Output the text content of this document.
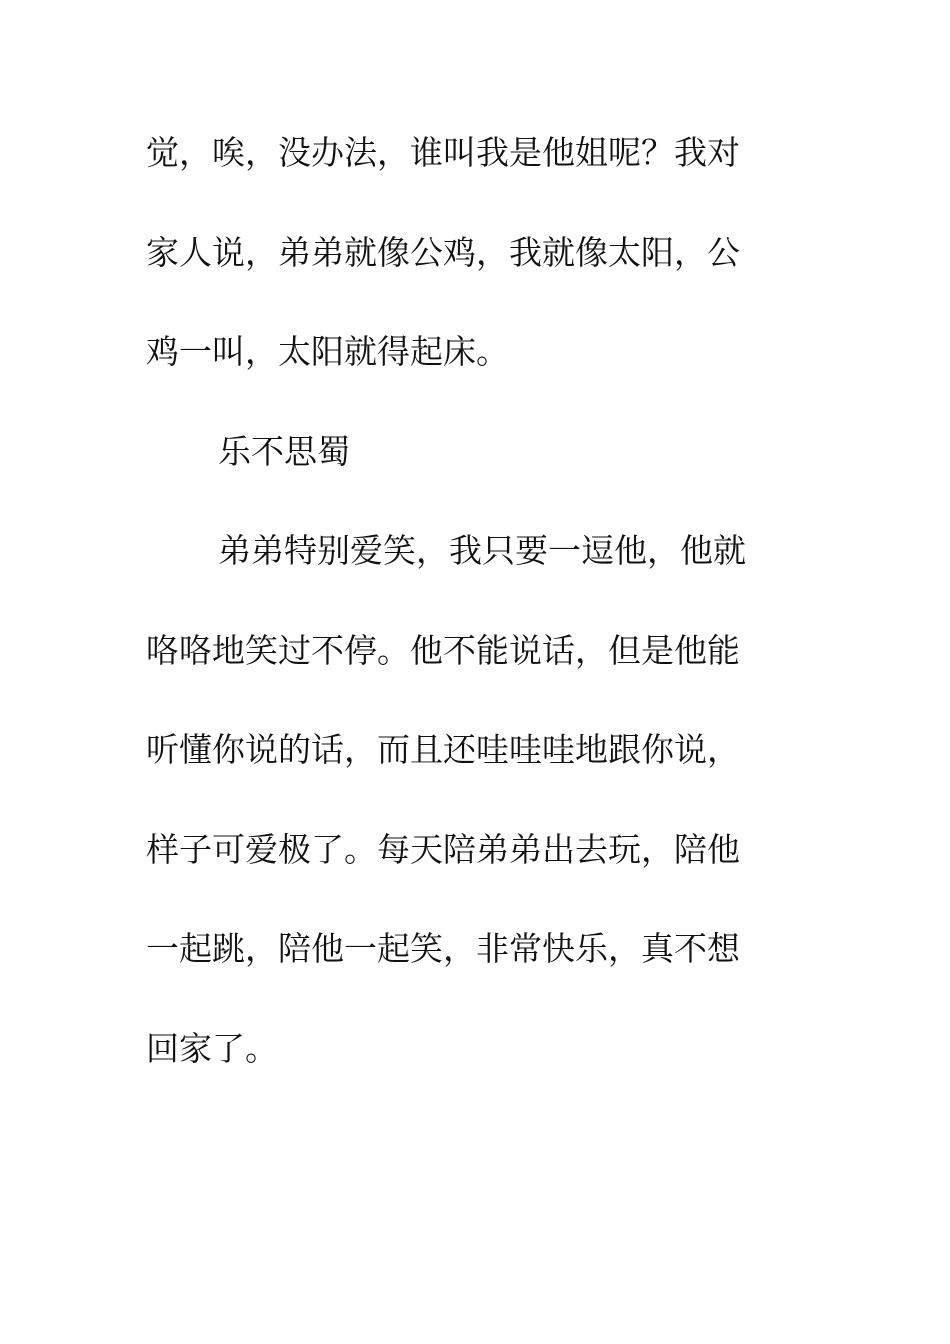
觉，唉，没办法，谁叫我是他姐呢？我对
家人说，弟弟就像公鸡，我就像太阳，公
鸡一叫，太阳就得起床。
乐不思蜀
弟弟特别爱笑，我只要一逗他，他就
咯咯地笑过不停。他不能说话，但是他能
听懂你说的话，而且还哇哇哇地跟你说，
样子可爱极了。每天陪弟弟出去玩，陪他
一起跳，陪他一起笑，非常快乐，真不想
回家了。
